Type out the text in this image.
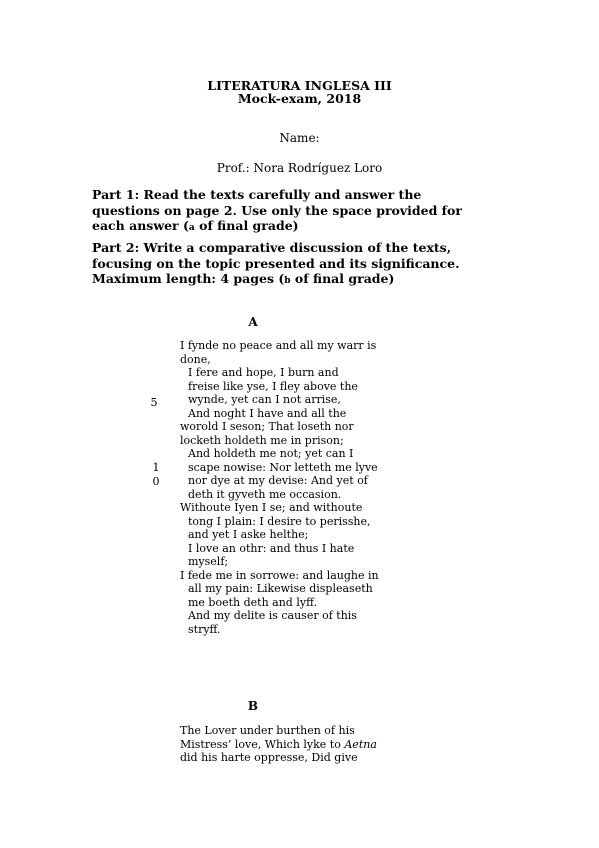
LITERATURA INGLESA III
Mock-exam, 2018
Name:
Prof.: Nora Rodríguez Loro
Part 1: Read the texts carefully and answer the questions on page 2. Use only the space provided for each answer (a of final grade)
Part 2: Write a comparative discussion of the texts, focusing on the topic presented and its significance. Maximum length: 4 pages (b of final grade)
A
5
1
0
I fynde no peace and all my warr is
done,
I fere and hope, I burn and
freise like yse, I fley above the
wynde, yet can I not arrise,
And noght I have and all the
worold I seson; That loseth nor
locketh holdeth me in prison;
And holdeth me not; yet can I
scape nowise: Nor letteth me lyve
nor dye at my devise: And yet of
deth it gyveth me occasion.
Withoute Iyen I se; and withoute
tong I plain: I desire to perisshe,
and yet I aske helthe;
I love an othr: and thus I hate
myself;
I fede me in sorrowe: and laughe in
all my pain: Likewise displeaseth
me boeth deth and lyff.
And my delite is causer of this
stryff.
B
The Lover under burthen of his
Mistress’ love, Which lyke to Aetna
did his harte oppresse, Did give
